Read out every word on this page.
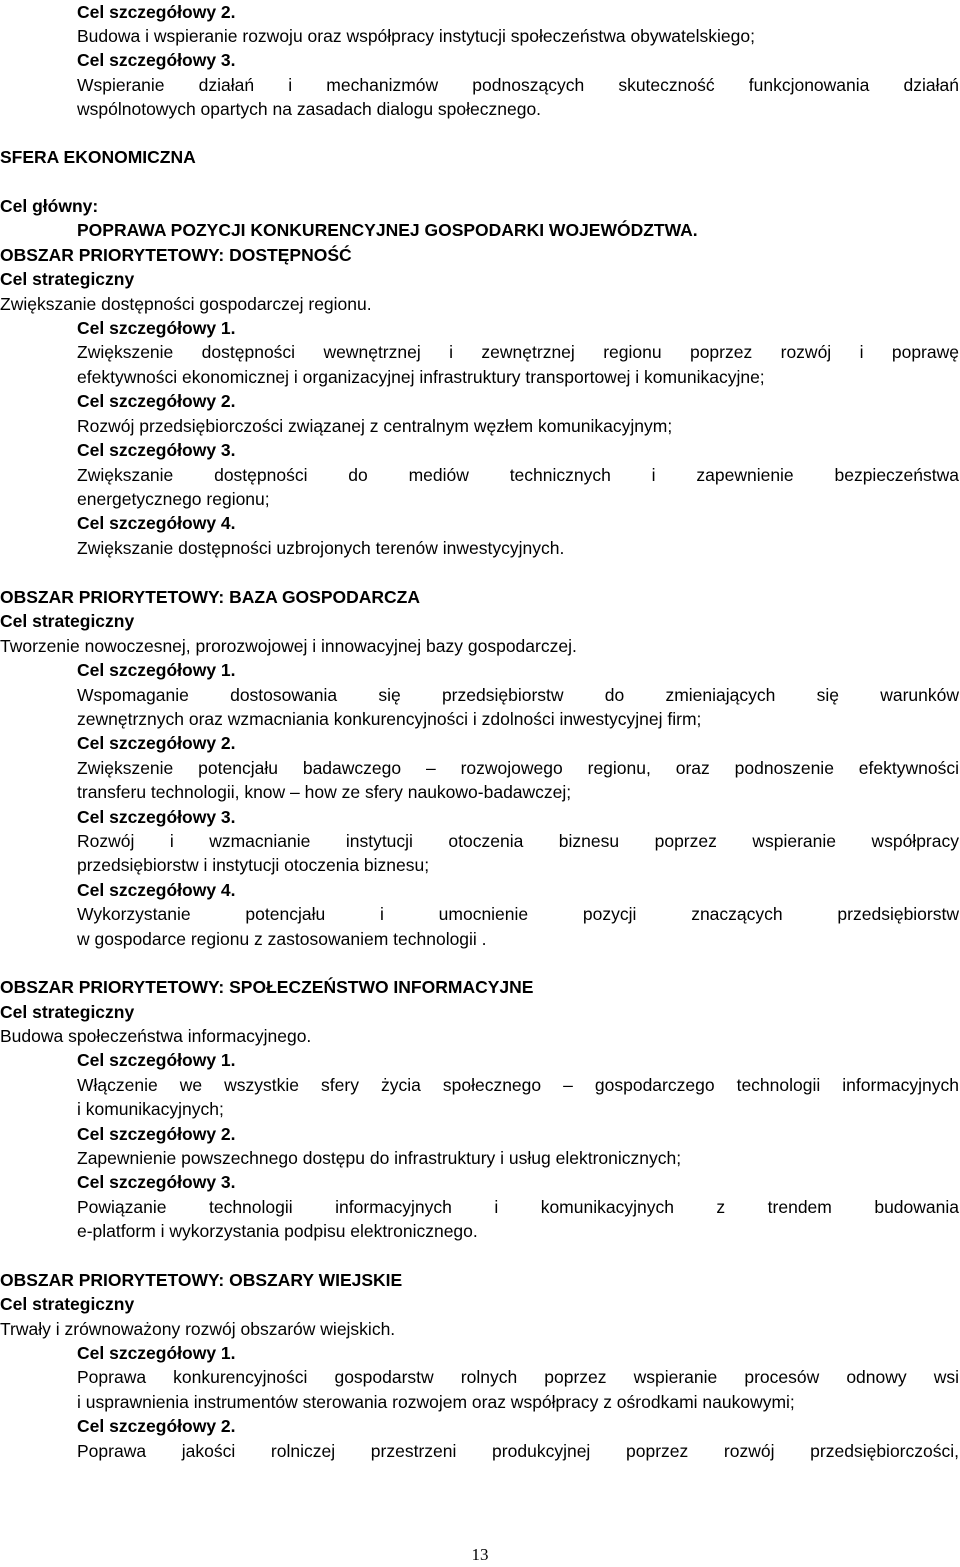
Cel szczegółowy 2.
Budowa i wspieranie rozwoju oraz współpracy instytucji społeczeństwa obywatelskiego;
Cel szczegółowy 3.
Wspieranie działań i mechanizmów podnoszących skuteczność funkcjonowania działań
wspólnotowych opartych na zasadach dialogu społecznego.
SFERA EKONOMICZNA
Cel główny:
POPRAWA POZYCJI KONKURENCYJNEJ GOSPODARKI WOJEWÓDZTWA.
OBSZAR PRIORYTETOWY: DOSTĘPNOŚĆ
Cel strategiczny
Zwiększanie dostępności gospodarczej regionu.
Cel szczegółowy 1.
Zwiększenie dostępności wewnętrznej i zewnętrznej regionu poprzez rozwój i poprawę
efektywności ekonomicznej i organizacyjnej infrastruktury transportowej i komunikacyjne;
Cel szczegółowy 2.
Rozwój przedsiębiorczości związanej z centralnym węzłem komunikacyjnym;
Cel szczegółowy 3.
Zwiększanie dostępności do mediów technicznych i zapewnienie bezpieczeństwa
energetycznego regionu;
Cel szczegółowy 4.
Zwiększanie dostępności uzbrojonych terenów inwestycyjnych.
OBSZAR PRIORYTETOWY: BAZA GOSPODARCZA
Cel strategiczny
Tworzenie nowoczesnej, prorozwojowej i innowacyjnej bazy gospodarczej.
Cel szczegółowy 1.
Wspomaganie dostosowania się przedsiębiorstw do zmieniających się warunków
zewnętrznych oraz wzmacniania konkurencyjności i zdolności inwestycyjnej firm;
Cel szczegółowy 2.
Zwiększenie potencjału badawczego – rozwojowego regionu, oraz podnoszenie efektywności
transferu technologii, know – how ze sfery naukowo-badawczej;
Cel szczegółowy 3.
Rozwój i wzmacnianie instytucji otoczenia biznesu poprzez wspieranie współpracy
przedsiębiorstw i instytucji otoczenia biznesu;
Cel szczegółowy 4.
Wykorzystanie potencjału i umocnienie pozycji znaczących przedsiębiorstw
w gospodarce regionu z zastosowaniem technologii .
OBSZAR PRIORYTETOWY: SPOŁECZEŃSTWO INFORMACYJNE
Cel strategiczny
Budowa społeczeństwa informacyjnego.
Cel szczegółowy 1.
Włączenie we wszystkie sfery życia społecznego – gospodarczego technologii informacyjnych
i komunikacyjnych;
Cel szczegółowy 2.
Zapewnienie powszechnego dostępu do infrastruktury i usług elektronicznych;
Cel szczegółowy 3.
Powiązanie technologii informacyjnych i komunikacyjnych z trendem budowania
e-platform i wykorzystania podpisu elektronicznego.
OBSZAR PRIORYTETOWY: OBSZARY WIEJSKIE
Cel strategiczny
Trwały i zrównoważony rozwój obszarów wiejskich.
Cel szczegółowy 1.
Poprawa konkurencyjności gospodarstw rolnych poprzez wspieranie procesów odnowy wsi
i usprawnienia instrumentów sterowania rozwojem oraz współpracy z ośrodkami naukowymi;
Cel szczegółowy 2.
Poprawa jakości rolniczej przestrzeni produkcyjnej poprzez rozwój przedsiębiorczości,
13
